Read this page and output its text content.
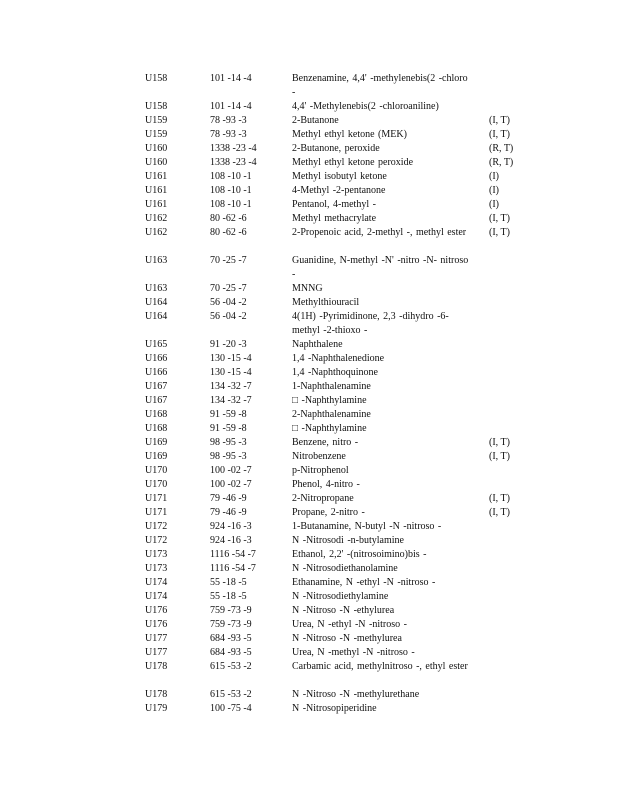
U158	101 -14 -4	Benzenamine, 4,4' -methylenebis(2 -chloro -
U158	101 -14 -4	4,4' -Methylenebis(2 -chloroaniline)
U159	78 -93 -3	2-Butanone	(I, T)
U159	78 -93 -3	Methyl ethyl ketone (MEK)	(I, T)
U160	1338 -23 -4	2-Butanone, peroxide	(R, T)
U160	1338 -23 -4	Methyl ethyl ketone peroxide	(R, T)
U161	108 -10 -1	Methyl isobutyl ketone	(I)
U161	108 -10 -1	4-Methyl -2-pentanone	(I)
U161	108 -10 -1	Pentanol, 4-methyl -	(I)
U162	80 -62 -6	Methyl methacrylate	(I, T)
U162	80 -62 -6	2-Propenoic acid, 2-methyl -, methyl ester	(I, T)
U163	70 -25 -7	Guanidine, N-methyl -N' -nitro -N- nitroso -
U163	70 -25 -7	MNNG
U164	56 -04 -2	Methylthiouracil
U164	56 -04 -2	4(1H) -Pyrimidinone, 2,3 -dihydro -6- methyl -2-thioxo -
U165	91 -20 -3	Naphthalene
U166	130 -15 -4	1,4 -Naphthalenedione
U166	130 -15 -4	1,4 -Naphthoquinone
U167	134 -32 -7	1-Naphthalenamine
U167	134 -32 -7	□ -Naphthylamine
U168	91 -59 -8	2-Naphthalenamine
U168	91 -59 -8	□ -Naphthylamine
U169	98 -95 -3	Benzene, nitro -	(I, T)
U169	98 -95 -3	Nitrobenzene	(I, T)
U170	100 -02 -7	p-Nitrophenol
U170	100 -02 -7	Phenol, 4-nitro -
U171	79 -46 -9	2-Nitropropane	(I, T)
U171	79 -46 -9	Propane, 2-nitro -	(I, T)
U172	924 -16 -3	1-Butanamine, N-butyl -N -nitroso -
U172	924 -16 -3	N -Nitrosodi -n-butylamine
U173	1116 -54 -7	Ethanol, 2,2' -(nitrosoimino)bis -
U173	1116 -54 -7	N -Nitrosodiethanolamine
U174	55 -18 -5	Ethanamine, N -ethyl -N -nitroso -
U174	55 -18 -5	N -Nitrosodiethylamine
U176	759 -73 -9	N -Nitroso -N -ethylurea
U176	759 -73 -9	Urea, N -ethyl -N -nitroso -
U177	684 -93 -5	N -Nitroso -N -methylurea
U177	684 -93 -5	Urea, N -methyl -N -nitroso -
U178	615 -53 -2	Carbamic acid, methylnitroso -, ethyl ester
U178	615 -53 -2	N -Nitroso -N -methylurethane
U179	100 -75 -4	N -Nitrosopiperidine
